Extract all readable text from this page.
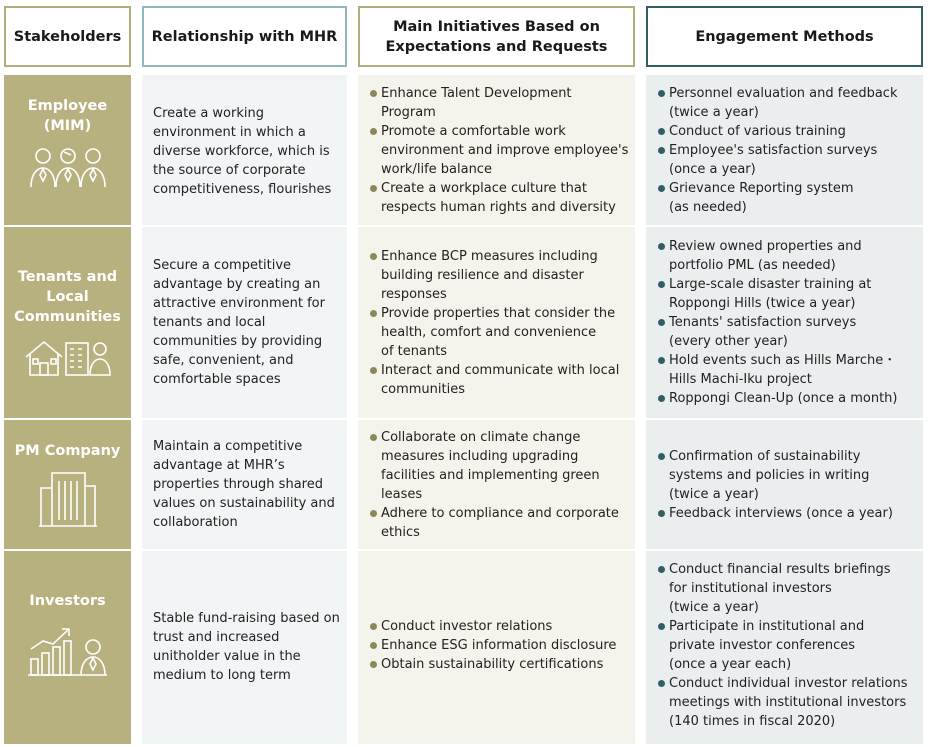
Stakeholders Relationship with MHR
Main Initiatives Based on
Expectations and Requests
Engagement Methods
Employee
(MIM)
Create a working
environment in which a
diverse workforce, which is
the source of corporate
competitiveness, flourishes
Enhance Talent Development
Program
Promote a comfortable work
environment and improve employee's
work/life balance
Create a workplace culture that
respects human rights and diversity
Personnel evaluation and feedback
(twice a year)
Conduct of various training
Employee's satisfaction surveys
(once a year)
Grievance Reporting system
(as needed)
Tenants and
Local
Communities
Secure a competitive
advantage by creating an
attractive environment for
tenants and local
communities by providing
safe, convenient, and
comfortable spaces
Enhance BCP measures including
building resilience and disaster
responses
Provide properties that consider the
health, comfort and convenience
of tenants
Interact and communicate with local
communities
Review owned properties and
portfolio PML (as needed)
Large-scale disaster training at
Roppongi Hills (twice a year)
Tenants' satisfaction surveys
(every other year)
Hold events such as Hills Marche・
Hills Machi-Iku project
Roppongi Clean-Up (once a month)
PM Company	Maintain a competitive
advantage at MHR’s
properties through shared
values on sustainability and
collaboration
Collaborate on climate change
measures including upgrading
facilities and implementing green
leases
Adhere to compliance and corporate
ethics
Confirmation of sustainability
systems and policies in writing
(twice a year)
Feedback interviews (once a year)
Investors
Stable fund-raising based on
trust and increased
unitholder value in the
medium to long term
Conduct investor relations
Enhance ESG information disclosure
Obtain sustainability certifications
Conduct financial results briefings
for institutional investors
(twice a year)
Participate in institutional and
private investor conferences
(once a year each)
Conduct individual investor relations
meetings with institutional investors
(140 times in fiscal 2020)
